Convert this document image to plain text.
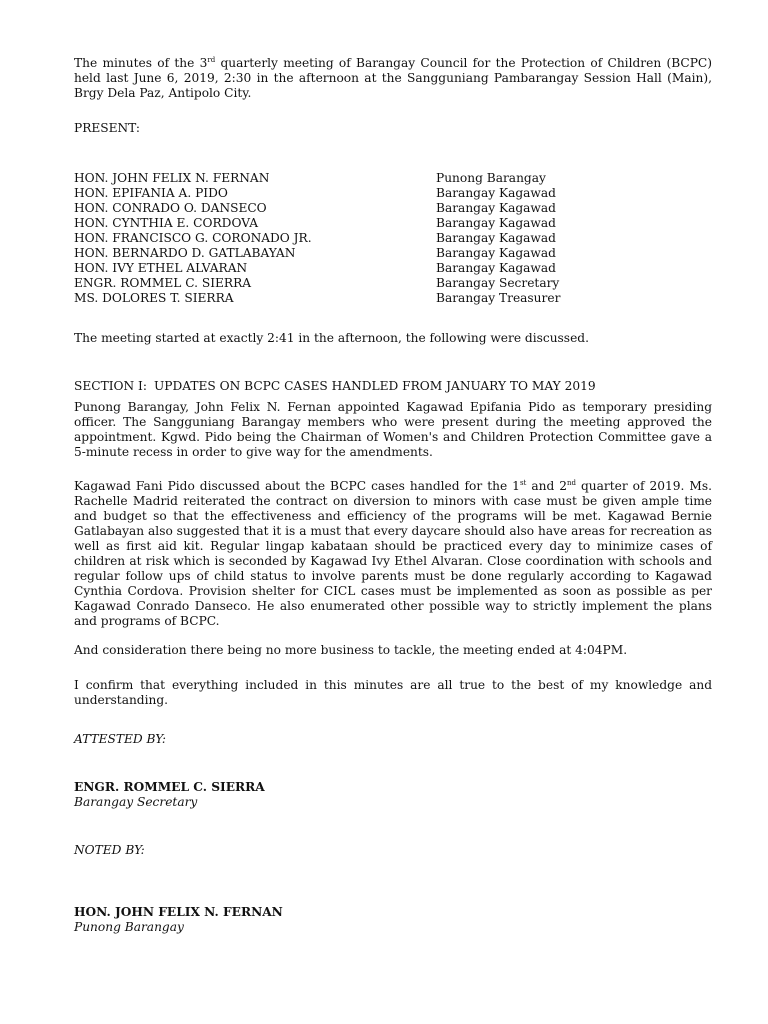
The minutes of the 3rd quarterly meeting of Barangay Council for the Protection of Children (BCPC) held last June 6, 2019, 2:30 in the afternoon at the Sangguniang Pambarangay Session Hall (Main), Brgy Dela Paz, Antipolo City.

PRESENT:

HON. JOHN FELIX N. FERNAN	Punong Barangay
HON. EPIFANIA A. PIDO	Barangay Kagawad
HON. CONRADO O. DANSECO	Barangay Kagawad
HON. CYNTHIA E. CORDOVA	Barangay Kagawad
HON. FRANCISCO G. CORONADO JR.	Barangay Kagawad
HON. BERNARDO D. GATLABAYAN	Barangay Kagawad
HON. IVY ETHEL ALVARAN	Barangay Kagawad
ENGR. ROMMEL C. SIERRA	Barangay Secretary
MS. DOLORES T. SIERRA	Barangay Treasurer

The meeting started at exactly 2:41 in the afternoon, the following were discussed.

SECTION I: UPDATES ON BCPC CASES HANDLED FROM JANUARY TO MAY 2019

Punong Barangay, John Felix N. Fernan appointed Kagawad Epifania Pido as temporary presiding officer. The Sangguniang Barangay members who were present during the meeting approved the appointment. Kgwd. Pido being the Chairman of Women's and Children Protection Committee gave a 5-minute recess in order to give way for the amendments.

Kagawad Fani Pido discussed about the BCPC cases handled for the 1st and 2nd quarter of 2019. Ms. Rachelle Madrid reiterated the contract on diversion to minors with case must be given ample time and budget so that the effectiveness and efficiency of the programs will be met. Kagawad Bernie Gatlabayan also suggested that it is a must that every daycare should also have areas for recreation as well as first aid kit. Regular lingap kabataan should be practiced every day to minimize cases of children at risk which is seconded by Kagawad Ivy Ethel Alvaran. Close coordination with schools and regular follow ups of child status to involve parents must be done regularly according to Kagawad Cynthia Cordova. Provision shelter for CICL cases must be implemented as soon as possible as per Kagawad Conrado Danseco. He also enumerated other possible way to strictly implement the plans and programs of BCPC.

And consideration there being no more business to tackle, the meeting ended at 4:04PM.

I confirm that everything included in this minutes are all true to the best of my knowledge and understanding.

ATTESTED BY:

ENGR. ROMMEL C. SIERRA

Barangay Secretary

NOTED BY:

HON. JOHN FELIX N. FERNAN

Punong Barangay
